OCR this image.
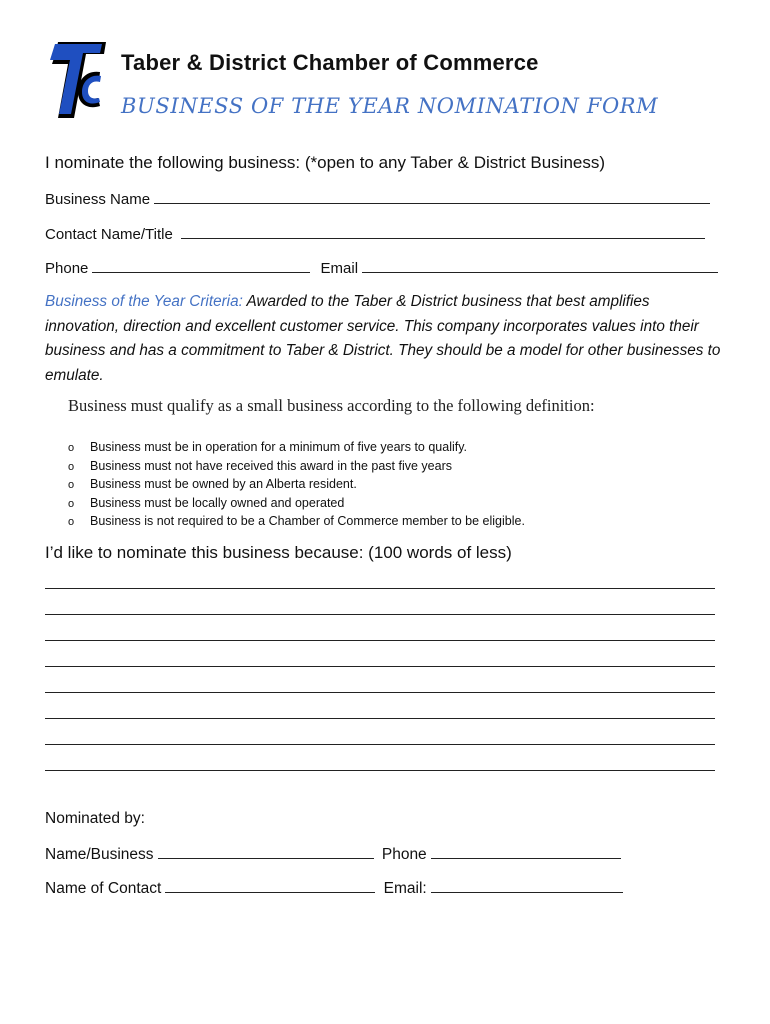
Taber & District Chamber of Commerce
BUSINESS OF THE YEAR NOMINATION FORM
I nominate the following business: (*open to any Taber & District Business)
Business Name
Contact Name/Title
Phone	Email
Business of the Year Criteria: Awarded to the Taber & District business that best amplifies innovation, direction and excellent customer service. This company incorporates values into their business and has a commitment to Taber & District. They should be a model for other businesses to emulate.
Business must qualify as a small business according to the following definition:
o Business must be in operation for a minimum of five years to qualify.
o Business must not have received this award in the past five years
o Business must be owned by an Alberta resident.
o Business must be locally owned and operated
o Business is not required to be a Chamber of Commerce member to be eligible.
I’d like to nominate this business because: (100 words of less)
Nominated by:
Name/Business	Phone
Name of Contact	Email:
